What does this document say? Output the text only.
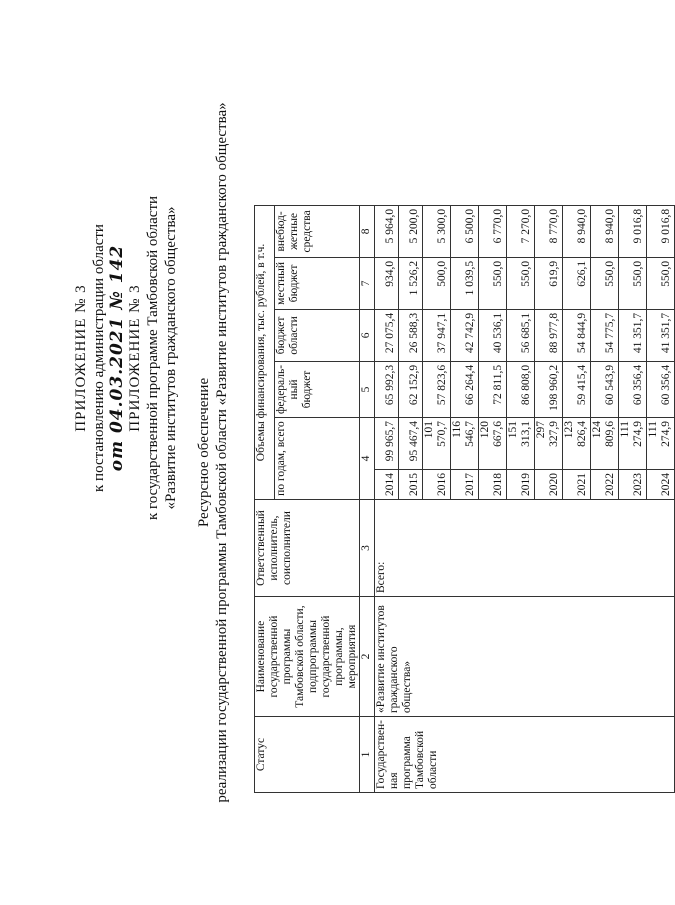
ПРИЛОЖЕНИЕ № 3 к постановлению администрации области от 04.03.2021 № 142 ПРИЛОЖЕНИЕ № 3 к государственной программе Тамбовской области «Развитие институтов гражданского общества» Ресурсное обеспечение реализации государственной программы Тамбовской области «Развитие институтов гражданского общества» Статус	Наименование государственной программы Тамбовской области, подпрограммы государственной программы, мероприятия	Ответственный исполнитель, соисполнители	Объемы финансирования, тыс. рублей, в т.ч.					
			по годам, всего		федераль-ный бюджет	бюджет области	местный бюджет	внебюд-жетные средства
1	2	3	4		5	6	7	8
Государствен-ная программа Тамбовской области	«Развитие институтов гражданского общества»	Всего:	2014	99 965,7	65 992,3	27 075,4	934,0	5 964,0
			2015	95 467,4	62 152,9	26 588,3	1 526,2	5 200,0
			2016	101 570,7	57 823,6	37 947,1	500,0	5 300,0
			2017	116 546,7	66 264,4	42 742,9	1 039,5	6 500,0
			2018	120 667,6	72 811,5	40 536,1	550,0	6 770,0
			2019	151 313,1	86 808,0	56 685,1	550,0	7 270,0
			2020	297 327,9	198 960,2	88 977,8	619,9	8 770,0
			2021	123 826,4	59 415,4	54 844,9	626,1	8 940,0
			2022	124 809,6	60 543,9	54 775,7	550,0	8 940,0
			2023	111 274,9	60 356,4	41 351,7	550,0	9 016,8
			2024	111 274,9	60 356,4	41 351,7	550,0	9 016,8
